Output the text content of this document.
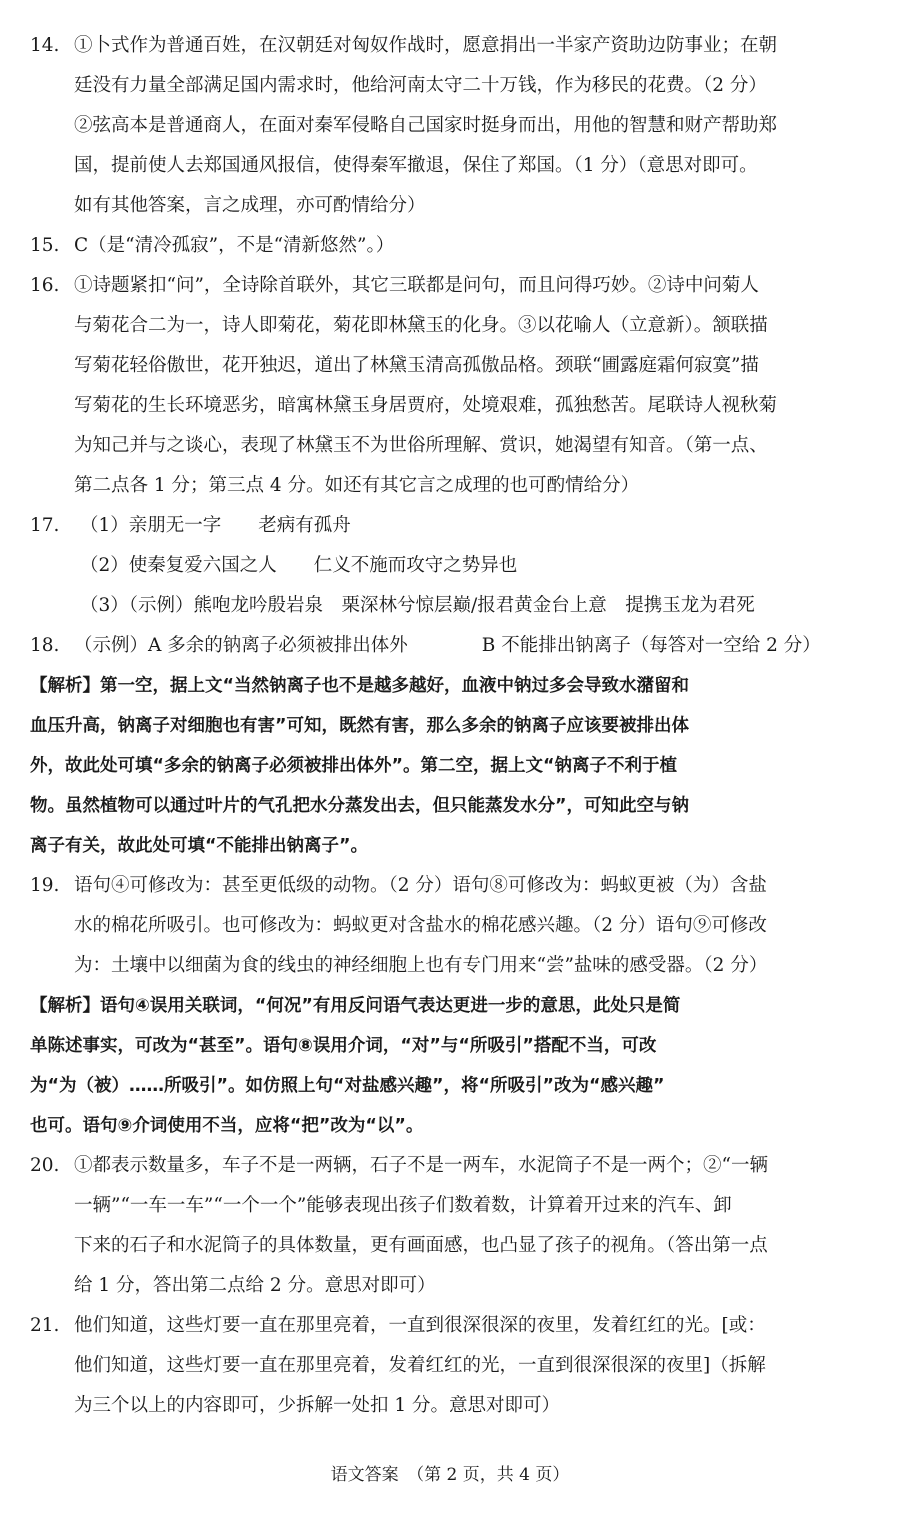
14. ①卜式作为普通百姓，在汉朝廷对匈奴作战时，愿意捐出一半家产资助边防事业；在朝
廷没有力量全部满足国内需求时，他给河南太守二十万钱，作为移民的花费。（2 分）
②弦高本是普通商人，在面对秦军侵略自己国家时挺身而出，用他的智慧和财产帮助郑
国，提前使人去郑国通风报信，使得秦军撤退，保住了郑国。（1 分）（意思对即可。
如有其他答案，言之成理，亦可酌情给分）
15. C（是“清冷孤寂”，不是“清新悠然”。）
16. ①诗题紧扣“问”，全诗除首联外，其它三联都是问句，而且问得巧妙。②诗中问菊人
与菊花合二为一，诗人即菊花，菊花即林黛玉的化身。③以花喻人（立意新）。颔联描
写菊花轻俗傲世，花开独迟，道出了林黛玉清高孤傲品格。颈联“圃露庭霜何寂寞”描
写菊花的生长环境恶劣，暗寓林黛玉身居贾府，处境艰难，孤独愁苦。尾联诗人视秋菊
为知己并与之谈心，表现了林黛玉不为世俗所理解、赏识，她渴望有知音。（第一点、
第二点各 1 分；第三点 4 分。如还有其它言之成理的也可酌情给分）
17.	（1）亲朋无一字　　老病有孤舟
（2）使秦复爱六国之人　　仁义不施而攻守之势异也
（3）（示例）熊咆龙吟殷岩泉　栗深林兮惊层巅/报君黄金台上意　提携玉龙为君死
18. （示例）A 多余的钠离子必须被排出体外　　　　B 不能排出钠离子（每答对一空给 2 分）
【解析】第一空，据上文“当然钠离子也不是越多越好，血液中钠过多会导致水潴留和
血压升高，钠离子对细胞也有害”可知，既然有害，那么多余的钠离子应该要被排出体
外，故此处可填“多余的钠离子必须被排出体外”。第二空，据上文“钠离子不利于植
物。虽然植物可以通过叶片的气孔把水分蒸发出去，但只能蒸发水分”，可知此空与钠
离子有关，故此处可填“不能排出钠离子”。
19. 语句④可修改为：甚至更低级的动物。（2 分）语句⑧可修改为：蚂蚁更被（为）含盐
水的棉花所吸引。也可修改为：蚂蚁更对含盐水的棉花感兴趣。（2 分）语句⑨可修改
为：土壤中以细菌为食的线虫的神经细胞上也有专门用来“尝”盐味的感受器。（2 分）
【解析】语句④误用关联词，“何况”有用反问语气表达更进一步的意思，此处只是简
单陈述事实，可改为“甚至”。语句⑧误用介词，“对”与“所吸引”搭配不当，可改
为“为（被）……所吸引”。如仿照上句“对盐感兴趣”，将“所吸引”改为“感兴趣”
也可。语句⑨介词使用不当，应将“把”改为“以”。
20. ①都表示数量多，车子不是一两辆，石子不是一两车，水泥筒子不是一两个；②“一辆
一辆”“一车一车”“一个一个”能够表现出孩子们数着数，计算着开过来的汽车、卸
下来的石子和水泥筒子的具体数量，更有画面感，也凸显了孩子的视角。（答出第一点
给 1 分，答出第二点给 2 分。意思对即可）
21. 他们知道，这些灯要一直在那里亮着，一直到很深很深的夜里，发着红红的光。[或：
他们知道，这些灯要一直在那里亮着，发着红红的光，一直到很深很深的夜里]（拆解
为三个以上的内容即可，少拆解一处扣 1 分。意思对即可）
语文答案　（第 2 页，共 4 页）
